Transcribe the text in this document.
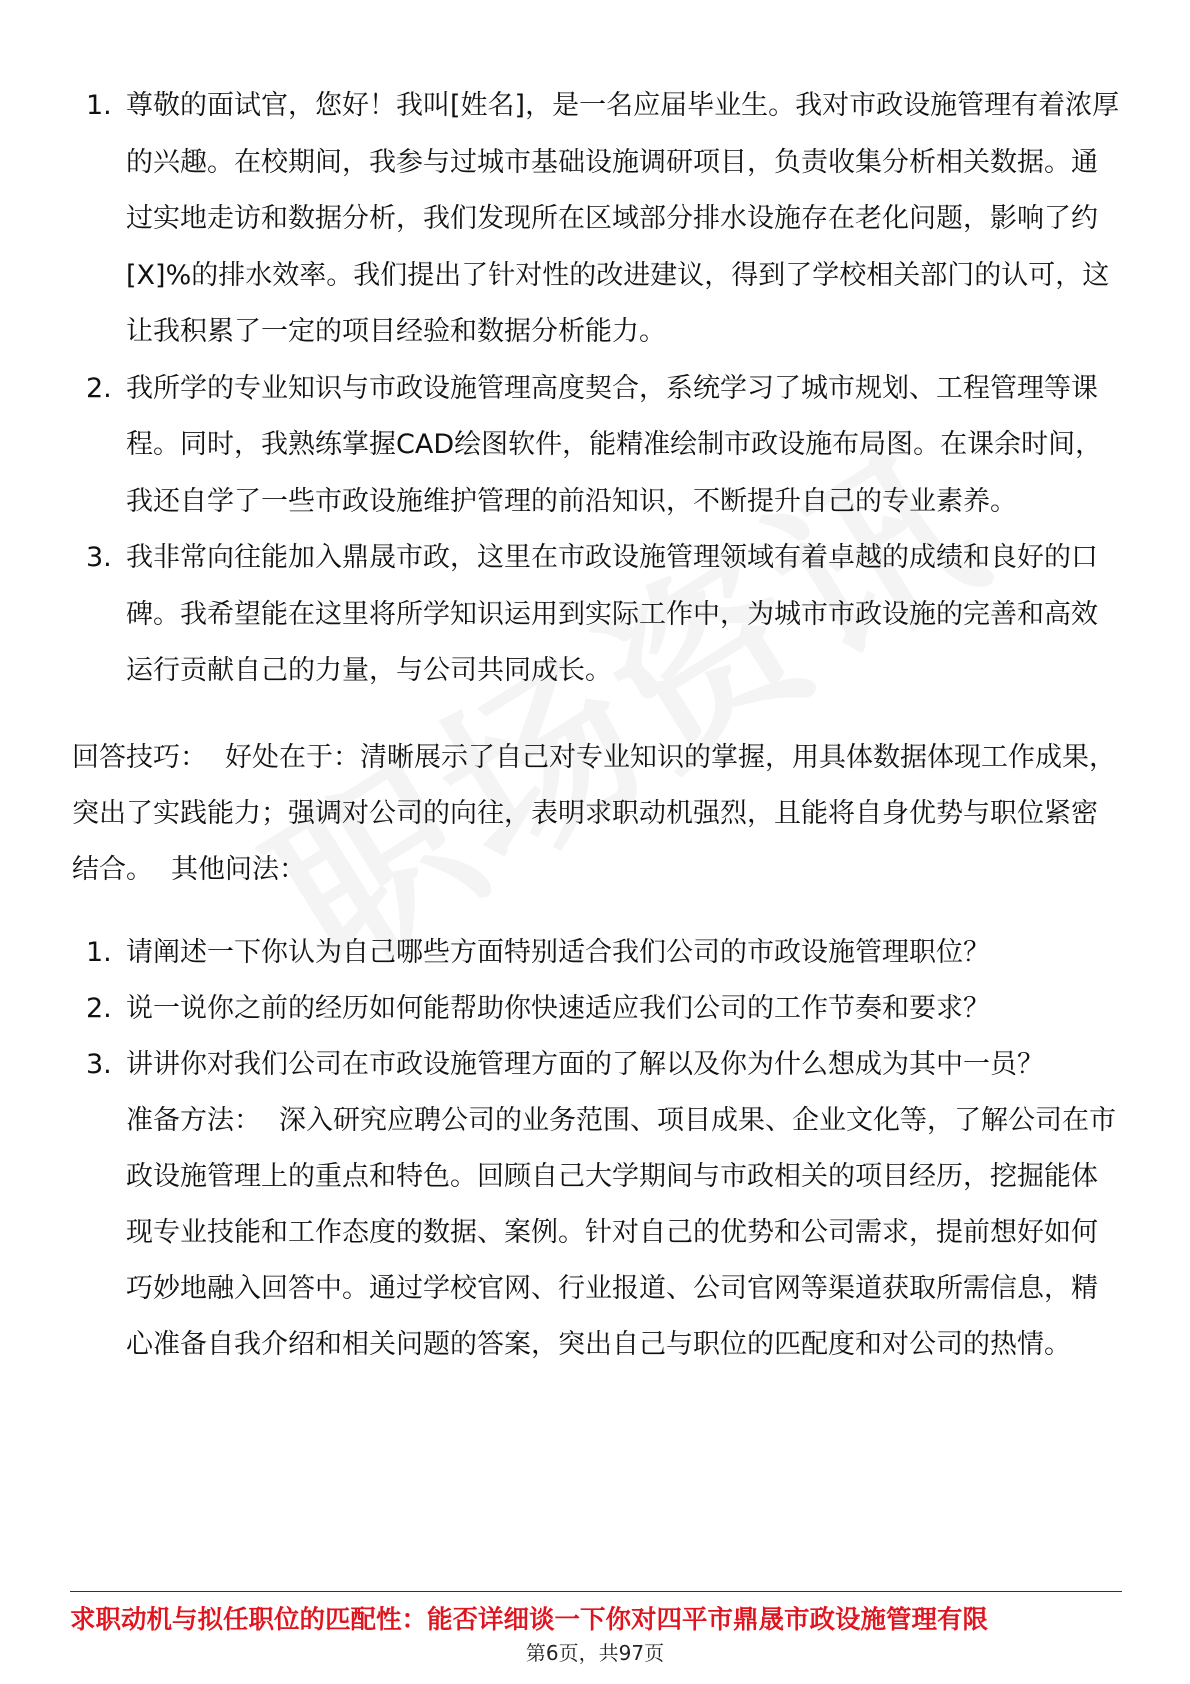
1. 尊敬的面试官，您好！我叫[姓名]，是一名应届毕业生。我对市政设施管理有着浓厚的兴趣。在校期间，我参与过城市基础设施调研项目，负责收集分析相关数据。通过实地走访和数据分析，我们发现所在区域部分排水设施存在老化问题，影响了约[X]%的排水效率。我们提出了针对性的改进建议，得到了学校相关部门的认可，这让我积累了一定的项目经验和数据分析能力。

2. 我所学的专业知识与市政设施管理高度契合，系统学习了城市规划、工程管理等课程。同时，我熟练掌握CAD绘图软件，能精准绘制市政设施布局图。在课余时间，我还自学了一些市政设施维护管理的前沿知识，不断提升自己的专业素养。

3. 我非常向往能加入鼎晟市政，这里在市政设施管理领域有着卓越的成绩和良好的口碑。我希望能在这里将所学知识运用到实际工作中，为城市市政设施的完善和高效运行贡献自己的力量，与公司共同成长。

回答技巧： 好处在于：清晰展示了自己对专业知识的掌握，用具体数据体现工作成果，突出了实践能力；强调对公司的向往，表明求职动机强烈，且能将自身优势与职位紧密结合。 其他问法：

1. 请阐述一下你认为自己哪些方面特别适合我们公司的市政设施管理职位？

2. 说一说你之前的经历如何能帮助你快速适应我们公司的工作节奏和要求？

3. 讲讲你对我们公司在市政设施管理方面的了解以及你为什么想成为其中一员？

准备方法： 深入研究应聘公司的业务范围、项目成果、企业文化等，了解公司在市政设施管理上的重点和特色。回顾自己大学期间与市政相关的项目经历，挖掘能体现专业技能和工作态度的数据、案例。针对自己的优势和公司需求，提前想好如何巧妙地融入回答中。通过学校官网、行业报道、公司官网等渠道获取所需信息，精心准备自我介绍和相关问题的答案，突出自己与职位的匹配度和对公司的热情。

求职动机与拟任职位的匹配性：能否详细谈一下你对四平市鼎晟市政设施管理有限
第6页，共97页
